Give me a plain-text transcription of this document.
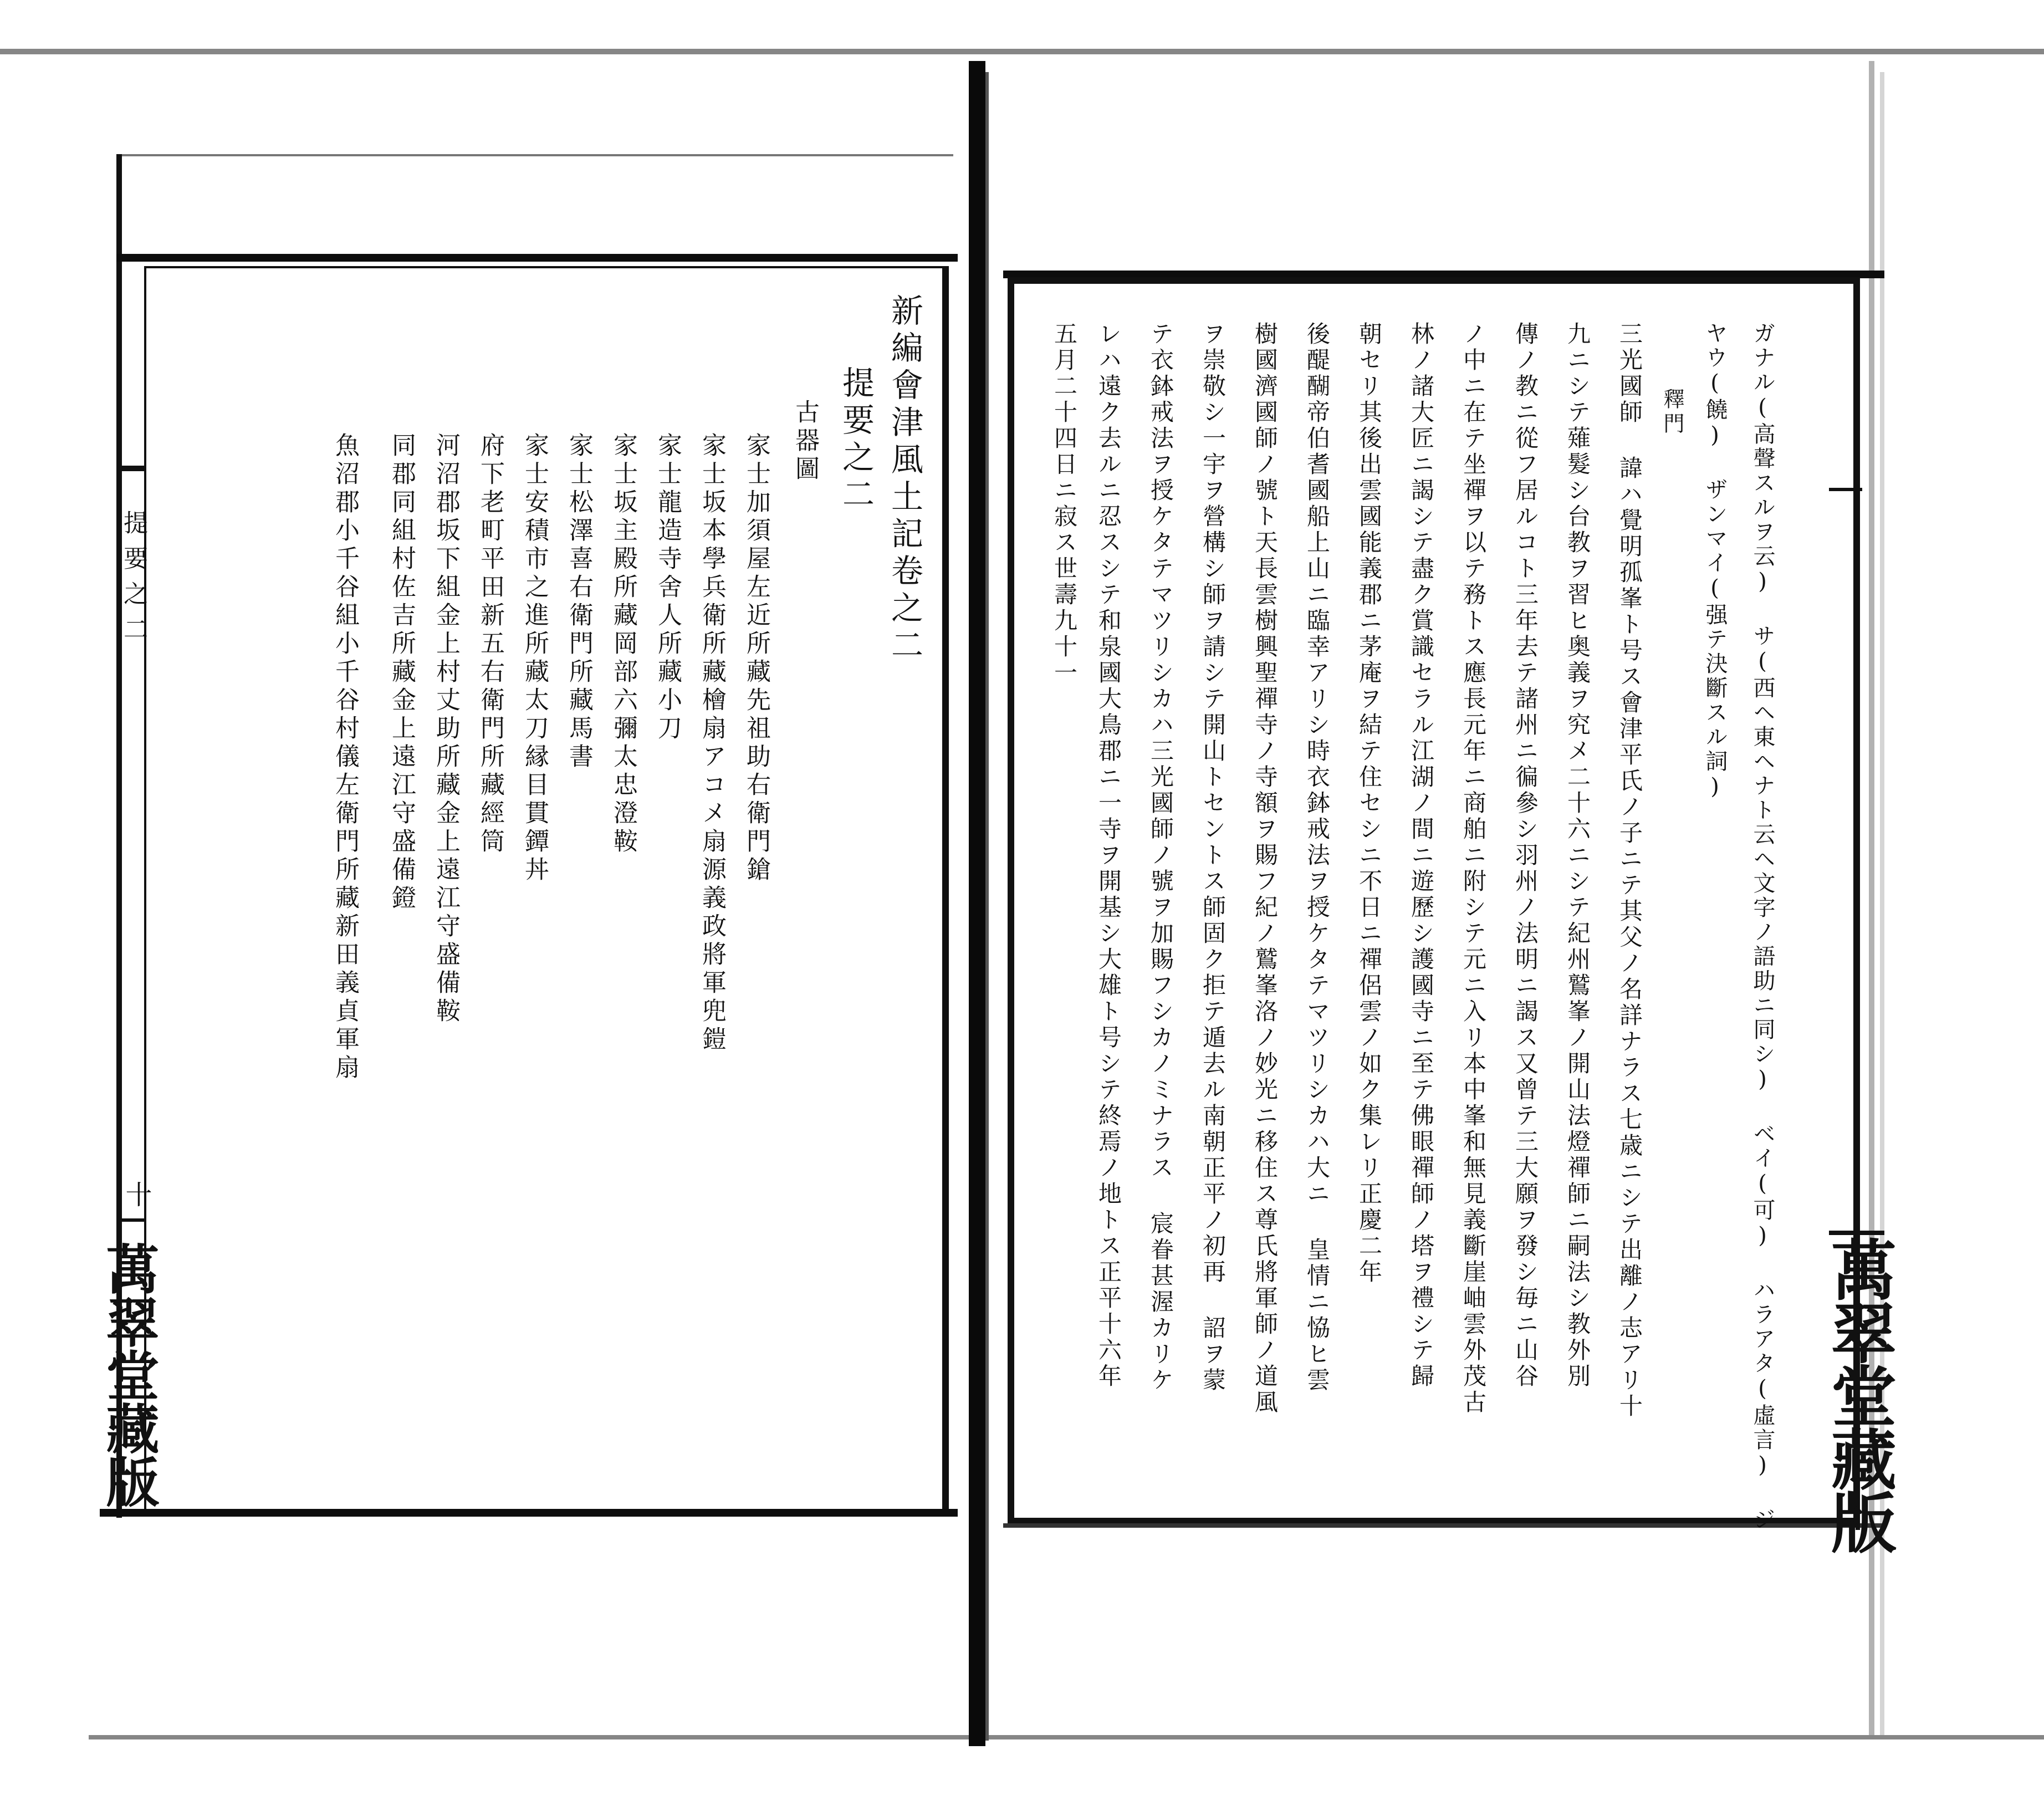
提要之二
十
萬翠堂藏版
新編會津風土記卷之二
提要之二
古器圖
家士加須屋左近所藏先祖助右衛門鎗
家士坂本學兵衛所藏檜扇アコメ扇源義政將軍兜鎧
家士龍造寺舍人所藏小刀
家士坂主殿所藏岡部六彌太忠澄鞍
家士松澤喜右衛門所藏馬書
家士安積市之進所藏太刀縁目貫鐔丼
府下老町平田新五右衛門所藏經筒
河沼郡坂下組金上村丈助所藏金上遠江守盛備鞍
同郡同組村佐吉所藏金上遠江守盛備鐙
魚沼郡小千谷組小千谷村儀左衛門所藏新田義貞軍扇
萬翠堂藏版
ガナル(高聲スルヲ云) サ(西ヘ東ヘナト云ヘ文字ノ語助ニ同シ) ベイ(可) ハラアタ(虛言) ジ
ヤウ(饒) ザンマイ(强テ決斷スル詞)
釋門
三光國師 諱ハ覺明孤峯ト号ス會津平氏ノ子ニテ其父ノ名詳ナラス七歳ニシテ出離ノ志アリ十
九ニシテ薙髮シ台教ヲ習ヒ奥義ヲ究メ二十六ニシテ紀州鷲峯ノ開山法燈禪師ニ嗣法シ教外別
傳ノ教ニ從フ居ルコト三年去テ諸州ニ徧參シ羽州ノ法明ニ謁ス又曾テ三大願ヲ發シ毎ニ山谷
ノ中ニ在テ坐禪ヲ以テ務トス應長元年ニ商舶ニ附シテ元ニ入リ本中峯和無見義斷崖岫雲外茂古
林ノ諸大匠ニ謁シテ盡ク賞識セラル江湖ノ間ニ遊歷シ護國寺ニ至テ佛眼禪師ノ塔ヲ禮シテ歸
朝セリ其後出雲國能義郡ニ茅庵ヲ結テ住セシニ不日ニ禪侶雲ノ如ク集レリ正慶二年
後醍醐帝伯耆國船上山ニ臨幸アリシ時衣鉢戒法ヲ授ケタテマツリシカハ大ニ 皇情ニ恊ヒ雲
樹國濟國師ノ號ト天長雲樹興聖禪寺ノ寺額ヲ賜フ紀ノ鷲峯洛ノ妙光ニ移住ス尊氏將軍師ノ道風
ヲ崇敬シ一宇ヲ營構シ師ヲ請シテ開山トセントス師固ク拒テ遁去ル南朝正平ノ初再 詔ヲ蒙
テ衣鉢戒法ヲ授ケタテマツリシカハ三光國師ノ號ヲ加賜フシカノミナラス 宸眷甚渥カリケ
レハ遠ク去ルニ忍スシテ和泉國大鳥郡ニ一寺ヲ開基シ大雄ト号シテ終焉ノ地トス正平十六年
五月二十四日ニ寂ス世壽九十一
